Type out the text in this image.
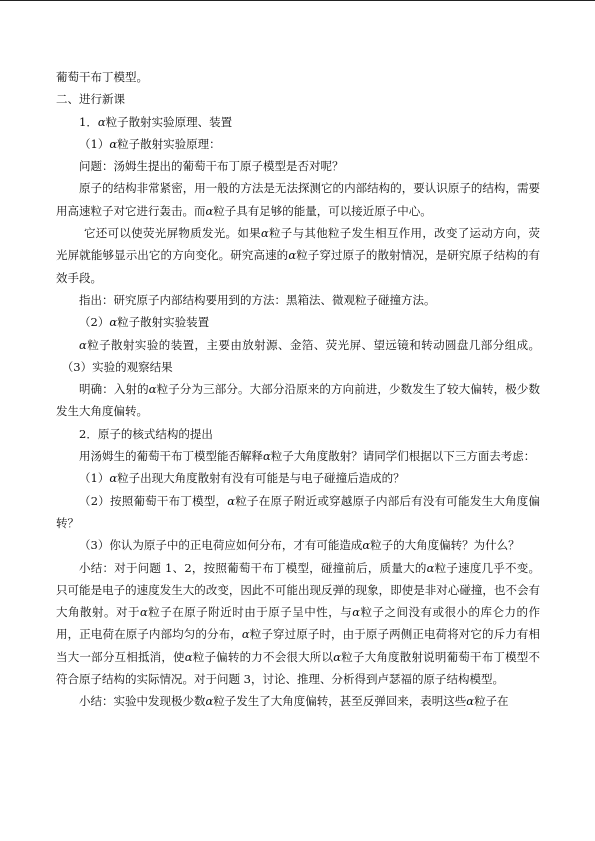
葡萄干布丁模型。

二、进行新课

1．α粒子散射实验原理、装置

（1）α粒子散射实验原理：

问题：汤姆生提出的葡萄干布丁原子模型是否对呢？

原子的结构非常紧密，用一般的方法是无法探测它的内部结构的，要认识原子的结构，需要用高速粒子对它进行轰击。而α粒子具有足够的能量，可以接近原子中心。

它还可以使荧光屏物质发光。如果α粒子与其他粒子发生相互作用，改变了运动方向，荧光屏就能够显示出它的方向变化。研究高速的α粒子穿过原子的散射情况，是研究原子结构的有效手段。

指出：研究原子内部结构要用到的方法：黑箱法、微观粒子碰撞方法。

（2）α粒子散射实验装置

α粒子散射实验的装置，主要由放射源、金箔、荧光屏、望远镜和转动圆盘几部分组成。 　（3）实验的观察结果

明确：入射的α粒子分为三部分。大部分沿原来的方向前进，少数发生了较大偏转，极少数发生大角度偏转。

2．原子的核式结构的提出

用汤姆生的葡萄干布丁模型能否解释α粒子大角度散射？请同学们根据以下三方面去考虑：

（1）α粒子出现大角度散射有没有可能是与电子碰撞后造成的？

（2）按照葡萄干布丁模型，α粒子在原子附近或穿越原子内部后有没有可能发生大角度偏转？

（3）你认为原子中的正电荷应如何分布，才有可能造成α粒子的大角度偏转？为什么？

小结：对于问题 1、2，按照葡萄干布丁模型，碰撞前后，质量大的α粒子速度几乎不变。只可能是电子的速度发生大的改变，因此不可能出现反弹的现象，即使是非对心碰撞，也不会有大角散射。对于α粒子在原子附近时由于原子呈中性，与α粒子之间没有或很小的库仑力的作用，正电荷在原子内部均匀的分布，α粒子穿过原子时，由于原子两侧正电荷将对它的斥力有相当大一部分互相抵消，使α粒子偏转的力不会很大所以α粒子大角度散射说明葡萄干布丁模型不符合原子结构的实际情况。对于问题 3，讨论、推理、分析得到卢瑟福的原子结构模型。

小结：实验中发现极少数α粒子发生了大角度偏转，甚至反弹回来，表明这些α粒子在
